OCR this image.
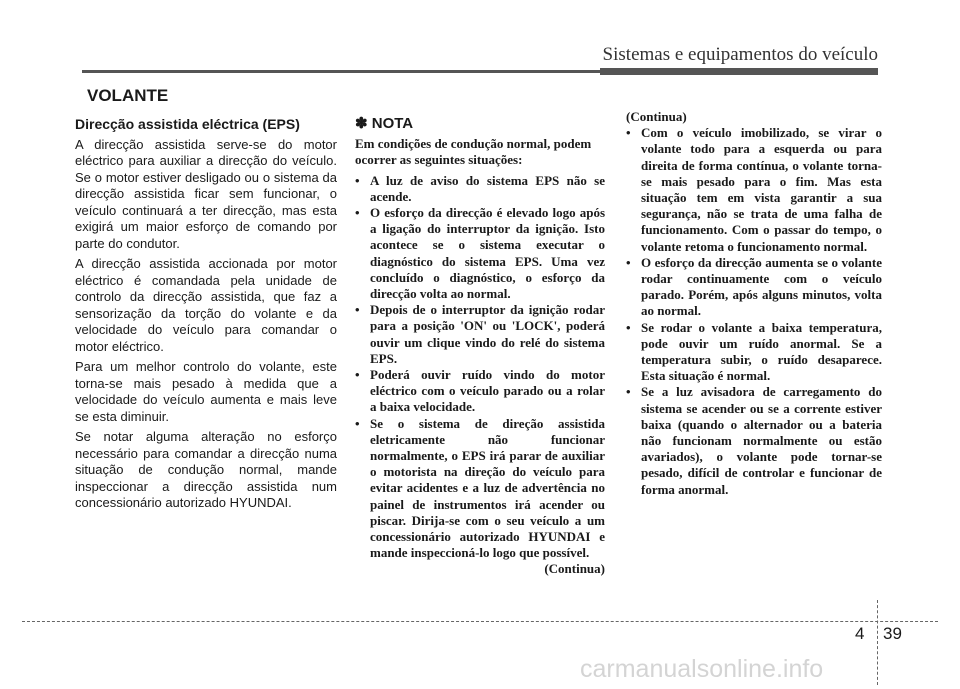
Sistemas e equipamentos do veículo
VOLANTE
Direcção assistida eléctrica (EPS)

A direcção assistida serve-se do motor eléctrico para auxiliar a direcção do veículo. Se o motor estiver desligado ou o sistema da direcção assistida ficar sem funcionar, o veículo continuará a ter direcção, mas esta exigirá um maior esforço de comando por parte do condutor.

A direcção assistida accionada por motor eléctrico é comandada pela unidade de controlo da direcção assistida, que faz a sensorização da torção do volante e da velocidade do veículo para comandar o motor eléctrico.

Para um melhor controlo do volante, este torna-se mais pesado à medida que a velocidade do veículo aumenta e mais leve se esta diminuir.

Se notar alguma alteração no esforço necessário para comandar a direcção numa situação de condução normal, mande inspeccionar a direcção assistida num concessionário autorizado HYUNDAI.

✽ NOTA

Em condições de condução normal, podem ocorrer as seguintes situações:

• A luz de aviso do sistema EPS não se acende.
• O esforço da direcção é elevado logo após a ligação do interruptor da ignição. Isto acontece se o sistema executar o diagnóstico do sistema EPS. Uma vez concluído o diagnóstico, o esforço da direcção volta ao normal.
• Depois de o interruptor da ignição rodar para a posição 'ON' ou 'LOCK', poderá ouvir um clique vindo do relé do sistema EPS.
• Poderá ouvir ruído vindo do motor eléctrico com o veículo parado ou a rolar a baixa velocidade.
• Se o sistema de direção assistida eletricamente não funcionar normalmente, o EPS irá parar de auxiliar o motorista na direção do veículo para evitar acidentes e a luz de advertência no painel de instrumentos irá acender ou piscar. Dirija-se com o seu veículo a um concessionário autorizado HYUNDAI e mande inspeccioná-lo logo que possível.
(Continua)
(Continua)
• Com o veículo imobilizado, se virar o volante todo para a esquerda ou para direita de forma contínua, o volante torna-se mais pesado para o fim. Mas esta situação tem em vista garantir a sua segurança, não se trata de uma falha de funcionamento. Com o passar do tempo, o volante retoma o funcionamento normal.
• O esforço da direcção aumenta se o volante rodar continuamente com o veículo parado. Porém, após alguns minutos, volta ao normal.
• Se rodar o volante a baixa temperatura, pode ouvir um ruído anormal. Se a temperatura subir, o ruído desaparece. Esta situação é normal.
• Se a luz avisadora de carregamento do sistema se acender ou se a corrente estiver baixa (quando o alternador ou a bateria não funcionam normalmente ou estão avariados), o volante pode tornar-se pesado, difícil de controlar e funcionar de forma anormal.
4 39
carmanualsonline.info
